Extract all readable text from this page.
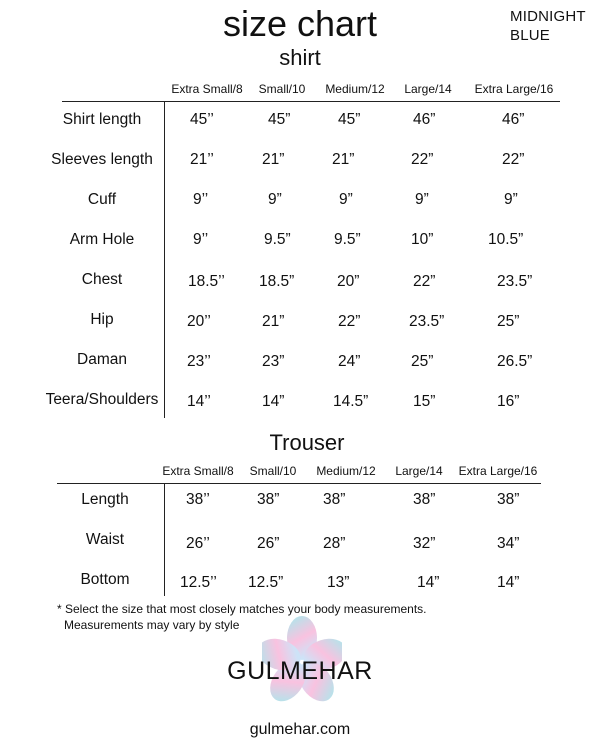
size chart
shirt
MIDNIGHT
BLUE
Extra Small/8 Small/10 Medium/12 Large/14 Extra Large/16
Shirt length	45’’	45”	45”	46”	46”
Sleeves length 21’’	21”	21”	22”	22”
Cuff	9’’	9”	9”	9”	9”
Arm Hole	9’’	9.5”	9.5”	10”	10.5”
Chest	18.5’’ 18.5”	20”	22”	23.5”
Hip	20’’	21”	22”	23.5”	25”
Daman	23’’	23”	24”	25”	26.5”
Teera/Shoulders 14’’	14”	14.5”	15”	16”
Trouser
Extra Small/8 Small/10 Medium/12 Large/14 Extra Large/16
Length	38’’	38”	38”	38”	38”
Waist	26’’	26”	28”	32”	34”
Bottom	12.5’’ 12.5”	13”	14”	14”
* Select the size that most closely matches your body measurements.
Measurements may vary by style
GULMEHAR
gulmehar.com
